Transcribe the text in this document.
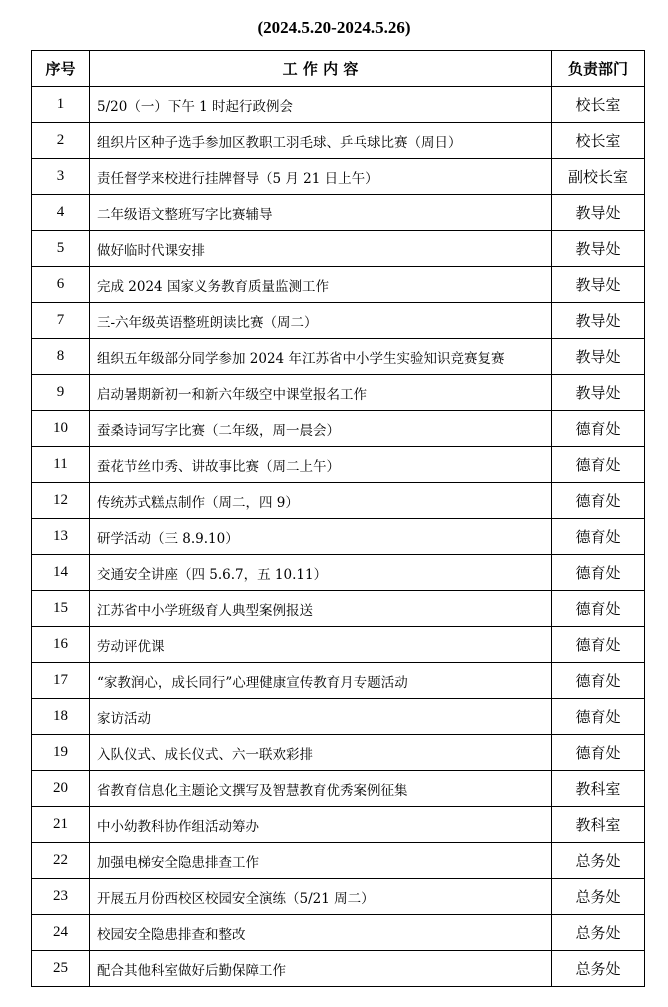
(2024.5.20-2024.5.26)
序号	工 作 内 容	负责部门
1	5/20（一）下午 1 时起行政例会	校长室
2	组织片区种子选手参加区教职工羽毛球、乒乓球比赛（周日）	校长室
3	责任督学来校进行挂牌督导（5 月 21 日上午）	副校长室
4	二年级语文整班写字比赛辅导	教导处
5	做好临时代课安排	教导处
6	完成 2024 国家义务教育质量监测工作	教导处
7	三-六年级英语整班朗读比赛（周二）	教导处
8	组织五年级部分同学参加 2024 年江苏省中小学生实验知识竞赛复赛	教导处
9	启动暑期新初一和新六年级空中课堂报名工作	教导处
10	蚕桑诗词写字比赛（二年级，周一晨会）	德育处
11	蚕花节丝巾秀、讲故事比赛（周二上午）	德育处
12	传统苏式糕点制作（周二，四 9）	德育处
13	研学活动（三 8.9.10）	德育处
14	交通安全讲座（四 5.6.7，五 10.11）	德育处
15	江苏省中小学班级育人典型案例报送	德育处
16	劳动评优课	德育处
17	“家教润心，成长同行”心理健康宣传教育月专题活动	德育处
18	家访活动	德育处
19	入队仪式、成长仪式、六一联欢彩排	德育处
20	省教育信息化主题论文撰写及智慧教育优秀案例征集	教科室
21	中小幼教科协作组活动筹办	教科室
22	加强电梯安全隐患排查工作	总务处
23	开展五月份西校区校园安全演练（5/21 周二）	总务处
24	校园安全隐患排查和整改	总务处
25	配合其他科室做好后勤保障工作	总务处
